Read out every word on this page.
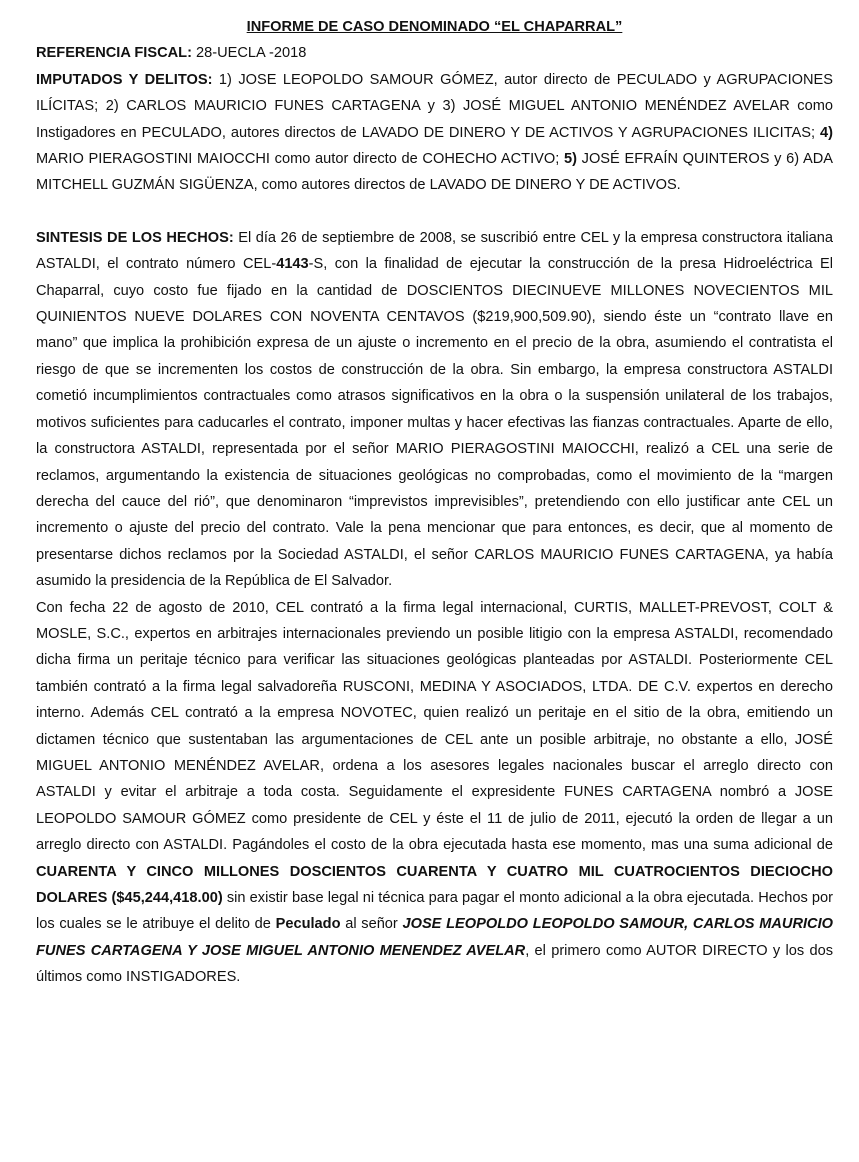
INFORME DE CASO DENOMINADO “EL CHAPARRAL”

REFERENCIA FISCAL: 28-UECLA -2018

IMPUTADOS Y DELITOS: 1) JOSE LEOPOLDO SAMOUR GÓMEZ, autor directo de PECULADO y AGRUPACIONES ILÍCITAS; 2) CARLOS MAURICIO FUNES CARTAGENA y 3) JOSÉ MIGUEL ANTONIO MENÉNDEZ AVELAR como Instigadores en PECULADO, autores directos de LAVADO DE DINERO Y DE ACTIVOS Y AGRUPACIONES ILICITAS; 4) MARIO PIERAGOSTINI MAIOCCHI como autor directo de COHECHO ACTIVO; 5) JOSÉ EFRAÍN QUINTEROS y 6) ADA MITCHELL GUZMÁN SIGÜENZA, como autores directos de LAVADO DE DINERO Y DE ACTIVOS.

SINTESIS DE LOS HECHOS: El día 26 de septiembre de 2008, se suscribió entre CEL y la empresa constructora italiana ASTALDI, el contrato número CEL-4143-S, con la finalidad de ejecutar la construcción de la presa Hidroeléctrica El Chaparral, cuyo costo fue fijado en la cantidad de DOSCIENTOS DIECINUEVE MILLONES NOVECIENTOS MIL QUINIENTOS NUEVE DOLARES CON NOVENTA CENTAVOS ($219,900,509.90), siendo éste un “contrato llave en mano” que implica la prohibición expresa de un ajuste o incremento en el precio de la obra, asumiendo el contratista el riesgo de que se incrementen los costos de construcción de la obra. Sin embargo, la empresa constructora ASTALDI cometió incumplimientos contractuales como atrasos significativos en la obra o la suspensión unilateral de los trabajos, motivos suficientes para caducarles el contrato, imponer multas y hacer efectivas las fianzas contractuales. Aparte de ello, la constructora ASTALDI, representada por el señor MARIO PIERAGOSTINI MAIOCCHI, realizó a CEL una serie de reclamos, argumentando la existencia de situaciones geológicas no comprobadas, como el movimiento de la “margen derecha del cauce del rió”, que denominaron “imprevistos imprevisibles”, pretendiendo con ello justificar ante CEL un incremento o ajuste del precio del contrato. Vale la pena mencionar que para entonces, es decir, que al momento de presentarse dichos reclamos por la Sociedad ASTALDI, el señor CARLOS MAURICIO FUNES CARTAGENA, ya había asumido la presidencia de la República de El Salvador.

Con fecha 22 de agosto de 2010, CEL contrató a la firma legal internacional, CURTIS, MALLET-PREVOST, COLT & MOSLE, S.C., expertos en arbitrajes internacionales previendo un posible litigio con la empresa ASTALDI, recomendado dicha firma un peritaje técnico para verificar las situaciones geológicas planteadas por ASTALDI. Posteriormente CEL también contrató a la firma legal salvadoreña RUSCONI, MEDINA Y ASOCIADOS, LTDA. DE C.V. expertos en derecho interno. Además CEL contrató a la empresa NOVOTEC, quien realizó un peritaje en el sitio de la obra, emitiendo un dictamen técnico que sustentaban las argumentaciones de CEL ante un posible arbitraje, no obstante a ello, JOSÉ MIGUEL ANTONIO MENÉNDEZ AVELAR, ordena a los asesores legales nacionales buscar el arreglo directo con ASTALDI y evitar el arbitraje a toda costa. Seguidamente el expresidente FUNES CARTAGENA nombró a JOSE LEOPOLDO SAMOUR GÓMEZ como presidente de CEL y éste el 11 de julio de 2011, ejecutó la orden de llegar a un arreglo directo con ASTALDI. Pagándoles el costo de la obra ejecutada hasta ese momento, mas una suma adicional de CUARENTA Y CINCO MILLONES DOSCIENTOS CUARENTA Y CUATRO MIL CUATROCIENTOS DIECIOCHO DOLARES ($45,244,418.00) sin existir base legal ni técnica para pagar el monto adicional a la obra ejecutada. Hechos por los cuales se le atribuye el delito de Peculado al señor JOSE LEOPOLDO LEOPOLDO SAMOUR, CARLOS MAURICIO FUNES CARTAGENA Y JOSE MIGUEL ANTONIO MENENDEZ AVELAR, el primero como AUTOR DIRECTO y los dos últimos como INSTIGADORES.
